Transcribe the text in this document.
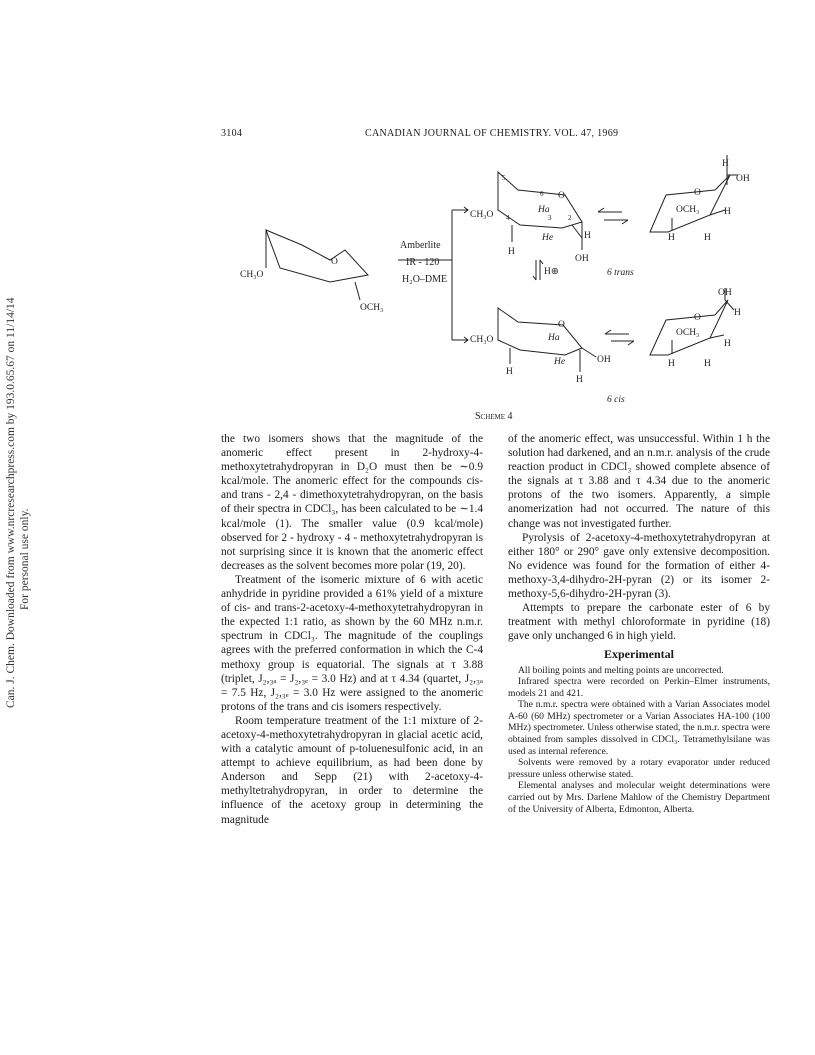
Can. J. Chem. Downloaded from www.nrcresearchpress.com by 193.0.65.67 on 11/14/14 For personal use only.
3104	CANADIAN JOURNAL OF CHEMISTRY. VOL. 47, 1969
CH₃O
O
OCH₃
Amberlite
IR - 120
H₂O–DME
CH₃O
O
Ha
He
H
H
OH
4	3 2
5
6
H
OH
O
OCH₃	H
H	H
H⊕	6 trans
CH₃O
O
Ha
He	OH
H
H
OH
H
O
OCH₃
H
H	H
6 cis
Scheme 4

the two isomers shows that the magnitude of the anomeric effect present in 2-hydroxy-4-methoxytetrahydropyran in D₂O must then be ∼0.9 kcal/mole. The anomeric effect for the compounds cis- and trans - 2,4 - dimethoxytetrahydropyran, on the basis of their spectra in CDCl₃, has been calculated to be ∼1.4 kcal/mole (1). The smaller value (0.9 kcal/mole) observed for 2 - hydroxy - 4 - methoxytetrahydropyran is not surprising since it is known that the anomeric effect decreases as the solvent becomes more polar (19, 20).

Treatment of the isomeric mixture of 6 with acetic anhydride in pyridine provided a 61% yield of a mixture of cis- and trans-2-acetoxy-4-methoxytetrahydropyran in the expected 1:1 ratio, as shown by the 60 MHz n.m.r. spectrum in CDCl₃. The magnitude of the couplings agrees with the preferred conformation in which the C-4 methoxy group is equatorial. The signals at τ 3.88 (triplet, J₂,₃ₐ = J₂,₃ₑ = 3.0 Hz) and at τ 4.34 (quartet, J₂,₃ₐ = 7.5 Hz, J₂,₃ₑ = 3.0 Hz were assigned to the anomeric protons of the trans and cis isomers respectively.

Room temperature treatment of the 1:1 mixture of 2-acetoxy-4-methoxytetrahydropyran in glacial acetic acid, with a catalytic amount of p-toluenesulfonic acid, in an attempt to achieve equilibrium, as had been done by Anderson and Sepp (21) with 2-acetoxy-4-methyltetrahydropyran, in order to determine the influence of the acetoxy group in determining the magnitude

of the anomeric effect, was unsuccessful. Within 1 h the solution had darkened, and an n.m.r. analysis of the crude reaction product in CDCl₃ showed complete absence of the signals at τ 3.88 and τ 4.34 due to the anomeric protons of the two isomers. Apparently, a simple anomerization had not occurred. The nature of this change was not investigated further.

Pyrolysis of 2-acetoxy-4-methoxytetrahydropyran at either 180° or 290° gave only extensive decomposition. No evidence was found for the formation of either 4-methoxy-3,4-dihydro-2H-pyran (2) or its isomer 2-methoxy-5,6-dihydro-2H-pyran (3).

Attempts to prepare the carbonate ester of 6 by treatment with methyl chloroformate in pyridine (18) gave only unchanged 6 in high yield.

Experimental

All boiling points and melting points are uncorrected.

Infrared spectra were recorded on Perkin–Elmer instruments, models 21 and 421.

The n.m.r. spectra were obtained with a Varian Associates model A-60 (60 MHz) spectrometer or a Varian Associates HA-100 (100 MHz) spectrometer. Unless otherwise stated, the n.m.r. spectra were obtained from samples dissolved in CDCl₃. Tetramethylsilane was used as internal reference.

Solvents were removed by a rotary evaporator under reduced pressure unless otherwise stated.

Elemental analyses and molecular weight determinations were carried out by Mrs. Darlene Mahlow of the Chemistry Department of the University of Alberta, Edmonton, Alberta.
